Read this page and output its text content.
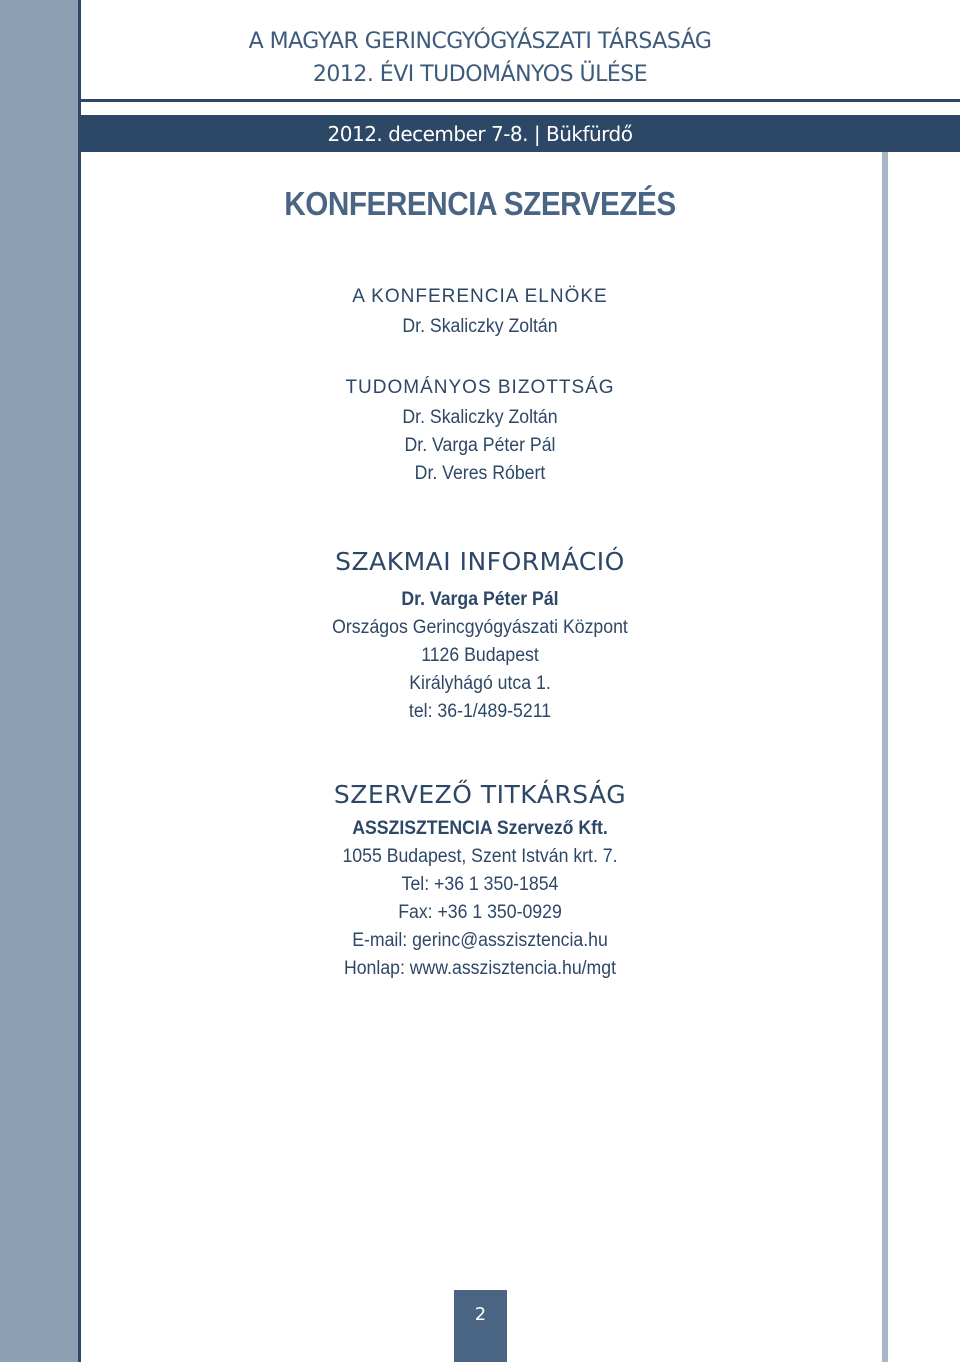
A MAGYAR GERINCGYÓGYÁSZATI TÁRSASÁG
2012. ÉVI TUDOMÁNYOS ÜLÉSE
2012. december 7-8. | Bükfürdő
KONFERENCIA SZERVEZÉS
A KONFERENCIA ELNÖKE
Dr. Skaliczky Zoltán
TUDOMÁNYOS BIZOTTSÁG
Dr. Skaliczky Zoltán
Dr. Varga Péter Pál
Dr. Veres Róbert
SZAKMAI INFORMÁCIÓ
Dr. Varga Péter Pál
Országos Gerincgyógyászati Központ
1126 Budapest
Királyhágó utca 1.
tel: 36-1/489-5211
SZERVEZŐ TITKÁRSÁG
ASSZISZTENCIA Szervező Kft.
1055 Budapest, Szent István krt. 7.
Tel: +36 1 350-1854
Fax: +36 1 350-0929
E-mail: gerinc@asszisztencia.hu
Honlap: www.asszisztencia.hu/mgt
2
